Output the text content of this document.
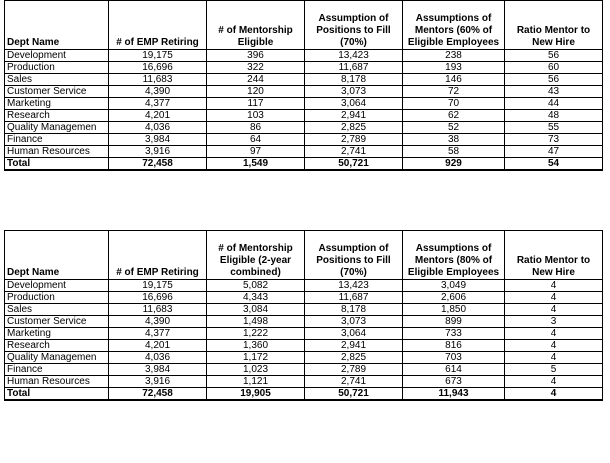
Dept Name	# of EMP Retiring	# of Mentorship Eligible	Assumption of Positions to Fill (70%)	Assumptions of Mentors (60% of Eligible Employees	Ratio Mentor to New Hire
Development	19,175	396	13,423	238	56
Production	16,696	322	11,687	193	60
Sales	11,683	244	8,178	146	56
Customer Service	4,390	120	3,073	72	43
Marketing	4,377	117	3,064	70	44
Research	4,201	103	2,941	62	48
Quality Managemen	4,036	86	2,825	52	55
Finance	3,984	64	2,789	38	73
Human Resources	3,916	97	2,741	58	47
Total	72,458	1,549	50,721	929	54
Dept Name	# of EMP Retiring	# of Mentorship Eligible (2-year combined)	Assumption of Positions to Fill (70%)	Assumptions of Mentors (80% of Eligible Employees	Ratio Mentor to New Hire
Development	19,175	5,082	13,423	3,049	4
Production	16,696	4,343	11,687	2,606	4
Sales	11,683	3,084	8,178	1,850	4
Customer Service	4,390	1,498	3,073	899	3
Marketing	4,377	1,222	3,064	733	4
Research	4,201	1,360	2,941	816	4
Quality Managemen	4,036	1,172	2,825	703	4
Finance	3,984	1,023	2,789	614	5
Human Resources	3,916	1,121	2,741	673	4
Total	72,458	19,905	50,721	11,943	4
